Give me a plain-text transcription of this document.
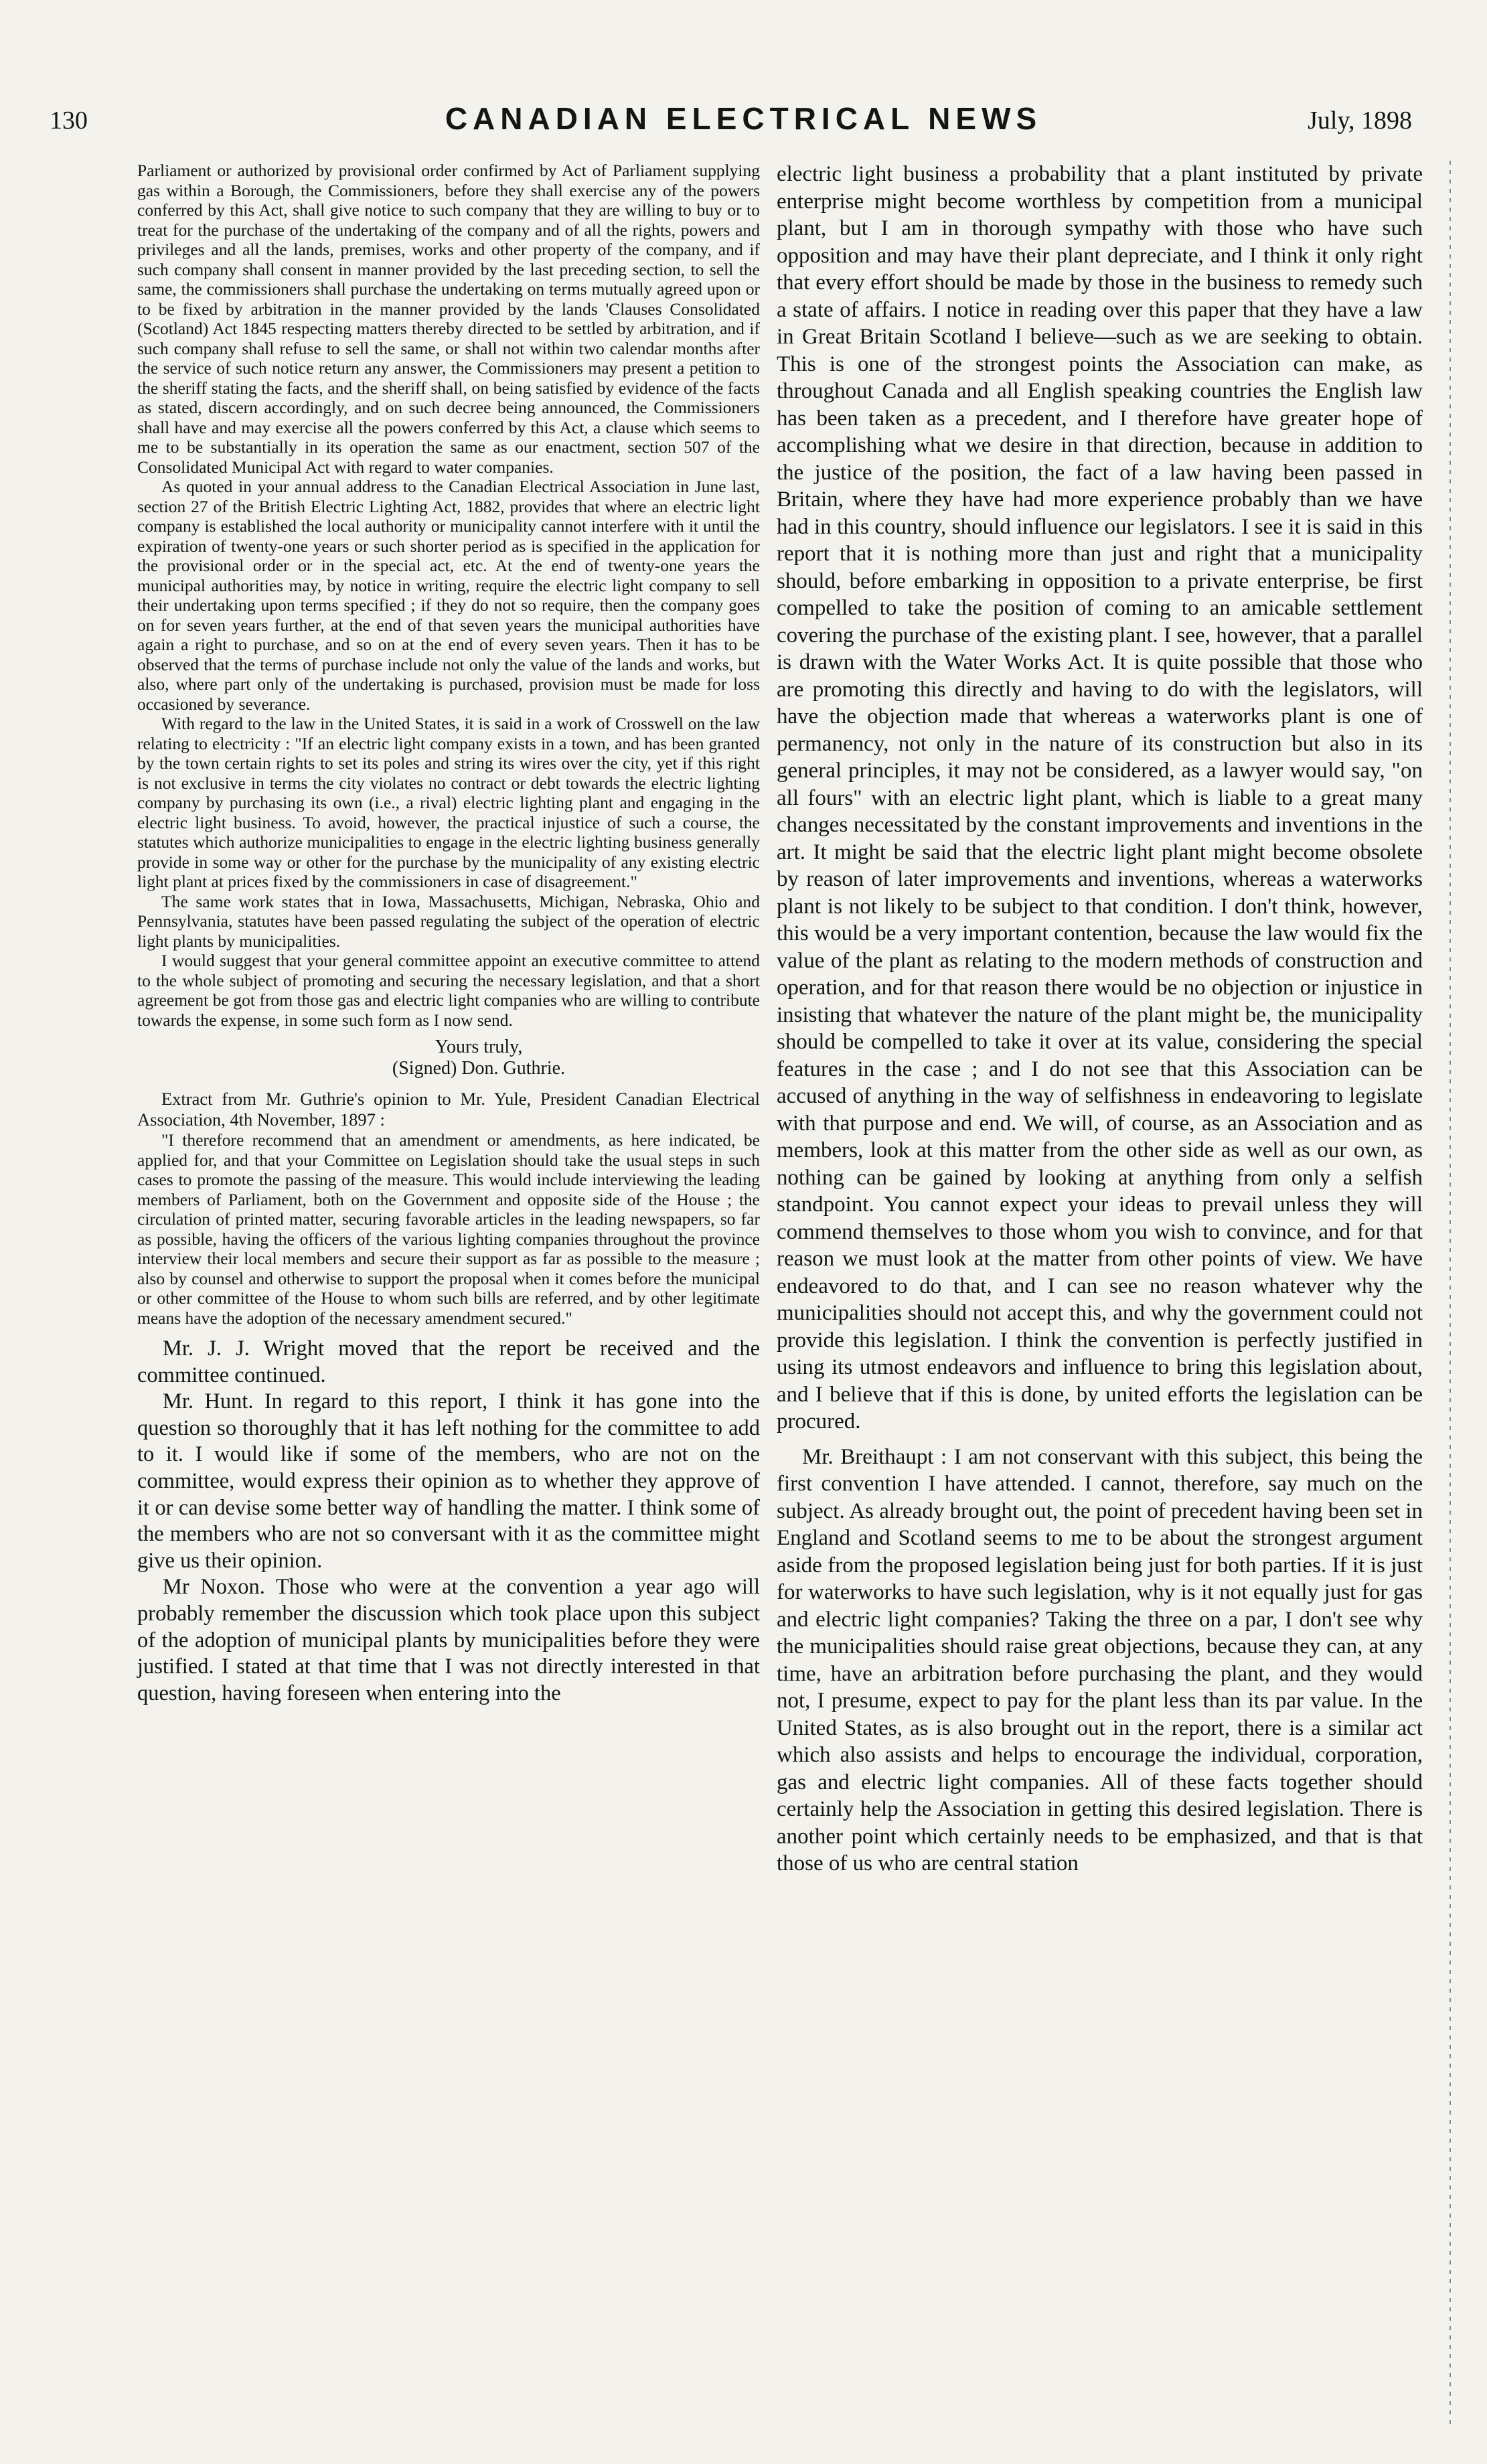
130	CANADIAN ELECTRICAL NEWS	July, 1898

Parliament or authorized by provisional order confirmed by Act of Parliament supplying gas within a Borough, the Commissioners, before they shall exercise any of the powers conferred by this Act, shall give notice to such company that they are willing to buy or to treat for the purchase of the undertaking of the company and of all the rights, powers and privileges and all the lands, premises, works and other property of the company, and if such company shall consent in manner provided by the last preceding section, to sell the same, the commissioners shall purchase the undertaking on terms mutually agreed upon or to be fixed by arbitration in the manner provided by the lands 'Clauses Consolidated (Scotland) Act 1845 respecting matters thereby directed to be settled by arbitration, and if such company shall refuse to sell the same, or shall not within two calendar months after the service of such notice return any answer, the Commissioners may present a petition to the sheriff stating the facts, and the sheriff shall, on being satisfied by evidence of the facts as stated, discern accordingly, and on such decree being announced, the Commissioners shall have and may exercise all the powers conferred by this Act, a clause which seems to me to be substantially in its operation the same as our enactment, section 507 of the Consolidated Municipal Act with regard to water companies.

As quoted in your annual address to the Canadian Electrical Association in June last, section 27 of the British Electric Lighting Act, 1882, provides that where an electric light company is established the local authority or municipality cannot interfere with it until the expiration of twenty-one years or such shorter period as is specified in the application for the provisional order or in the special act, etc. At the end of twenty-one years the municipal authorities may, by notice in writing, require the electric light company to sell their undertaking upon terms specified ; if they do not so require, then the company goes on for seven years further, at the end of that seven years the municipal authorities have again a right to purchase, and so on at the end of every seven years. Then it has to be observed that the terms of purchase include not only the value of the lands and works, but also, where part only of the undertaking is purchased, provision must be made for loss occasioned by severance.

With regard to the law in the United States, it is said in a work of Crosswell on the law relating to electricity : "If an electric light company exists in a town, and has been granted by the town certain rights to set its poles and string its wires over the city, yet if this right is not exclusive in terms the city violates no contract or debt towards the electric lighting company by purchasing its own (i.e., a rival) electric lighting plant and engaging in the electric light business. To avoid, however, the practical injustice of such a course, the statutes which authorize municipalities to engage in the electric lighting business generally provide in some way or other for the purchase by the municipality of any existing electric light plant at prices fixed by the commissioners in case of disagreement."

The same work states that in Iowa, Massachusetts, Michigan, Nebraska, Ohio and Pennsylvania, statutes have been passed regulating the subject of the operation of electric light plants by municipalities.

I would suggest that your general committee appoint an executive committee to attend to the whole subject of promoting and securing the necessary legislation, and that a short agreement be got from those gas and electric light companies who are willing to contribute towards the expense, in some such form as I now send.

Yours truly,
(Signed) Don. Guthrie.

Extract from Mr. Guthrie's opinion to Mr. Yule, President Canadian Electrical Association, 4th November, 1897 :

"I therefore recommend that an amendment or amendments, as here indicated, be applied for, and that your Committee on Legislation should take the usual steps in such cases to promote the passing of the measure. This would include interviewing the leading members of Parliament, both on the Government and opposite side of the House ; the circulation of printed matter, securing favorable articles in the leading newspapers, so far as possible, having the officers of the various lighting companies throughout the province interview their local members and secure their support as far as possible to the measure ; also by counsel and otherwise to support the proposal when it comes before the municipal or other committee of the House to whom such bills are referred, and by other legitimate means have the adoption of the necessary amendment secured."

Mr. J. J. Wright moved that the report be received and the committee continued.

Mr. Hunt. In regard to this report, I think it has gone into the question so thoroughly that it has left nothing for the committee to add to it. I would like if some of the members, who are not on the committee, would express their opinion as to whether they approve of it or can devise some better way of handling the matter. I think some of the members who are not so conversant with it as the committee might give us their opinion.

Mr Noxon. Those who were at the convention a year ago will probably remember the discussion which took place upon this subject of the adoption of municipal plants by municipalities before they were justified. I stated at that time that I was not directly interested in that question, having foreseen when entering into the

electric light business a probability that a plant instituted by private enterprise might become worthless by competition from a municipal plant, but I am in thorough sympathy with those who have such opposition and may have their plant depreciate, and I think it only right that every effort should be made by those in the business to remedy such a state of affairs. I notice in reading over this paper that they have a law in Great Britain Scotland I believe—such as we are seeking to obtain. This is one of the strongest points the Association can make, as throughout Canada and all English speaking countries the English law has been taken as a precedent, and I therefore have greater hope of accomplishing what we desire in that direction, because in addition to the justice of the position, the fact of a law having been passed in Britain, where they have had more experience probably than we have had in this country, should influence our legislators. I see it is said in this report that it is nothing more than just and right that a municipality should, before embarking in opposition to a private enterprise, be first compelled to take the position of coming to an amicable settlement covering the purchase of the existing plant. I see, however, that a parallel is drawn with the Water Works Act. It is quite possible that those who are promoting this directly and having to do with the legislators, will have the objection made that whereas a waterworks plant is one of permanency, not only in the nature of its construction but also in its general principles, it may not be considered, as a lawyer would say, "on all fours" with an electric light plant, which is liable to a great many changes necessitated by the constant improvements and inventions in the art. It might be said that the electric light plant might become obsolete by reason of later improvements and inventions, whereas a waterworks plant is not likely to be subject to that condition. I don't think, however, this would be a very important contention, because the law would fix the value of the plant as relating to the modern methods of construction and operation, and for that reason there would be no objection or injustice in insisting that whatever the nature of the plant might be, the municipality should be compelled to take it over at its value, considering the special features in the case ; and I do not see that this Association can be accused of anything in the way of selfishness in endeavoring to legislate with that purpose and end. We will, of course, as an Association and as members, look at this matter from the other side as well as our own, as nothing can be gained by looking at anything from only a selfish standpoint. You cannot expect your ideas to prevail unless they will commend themselves to those whom you wish to convince, and for that reason we must look at the matter from other points of view. We have endeavored to do that, and I can see no reason whatever why the municipalities should not accept this, and why the government could not provide this legislation. I think the convention is perfectly justified in using its utmost endeavors and influence to bring this legislation about, and I believe that if this is done, by united efforts the legislation can be procured.

Mr. Breithaupt : I am not conservant with this subject, this being the first convention I have attended. I cannot, therefore, say much on the subject. As already brought out, the point of precedent having been set in England and Scotland seems to me to be about the strongest argument aside from the proposed legislation being just for both parties. If it is just for waterworks to have such legislation, why is it not equally just for gas and electric light companies? Taking the three on a par, I don't see why the municipalities should raise great objections, because they can, at any time, have an arbitration before purchasing the plant, and they would not, I presume, expect to pay for the plant less than its par value. In the United States, as is also brought out in the report, there is a similar act which also assists and helps to encourage the individual, corporation, gas and electric light companies. All of these facts together should certainly help the Association in getting this desired legislation. There is another point which certainly needs to be emphasized, and that is that those of us who are central station
